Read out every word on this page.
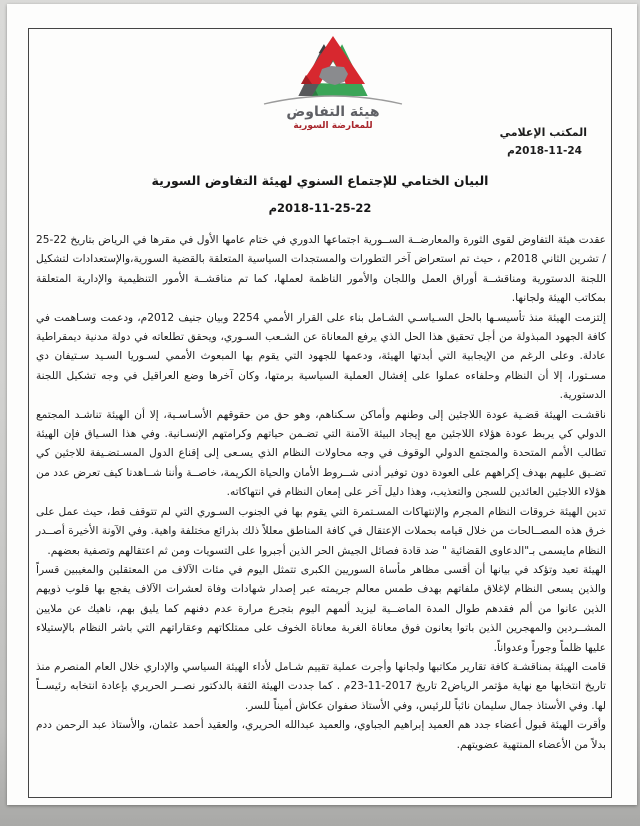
هيئة التفاوض
للمعارضة السورية	المكتب الإعلامي
2018-11-24م
البيان الختامي للإجتماع السنوي لهيئة التفاوض السورية
2018-11-25-22م

عقدت هيئة التفاوض لقوى الثورة والمعارضــة الســورية اجتماعها الدوري في ختام عامها الأول في مقرها في الرياض بتاريخ 22-25 / تشرين الثاني 2018م ، حيث تم استعراض آخر التطورات والمستجدات السياسية المتعلقة بالقضية السورية،والإستعدادات لتشكيل اللجنة الدستورية ومناقشــة أوراق العمل واللجان والأمور الناظمة لعملها، كما تم مناقشــة الأمور التنظيمية والإدارية المتعلقة بمكاتب الهيئة ولجانها.

إلتزمت الهيئة منذ تأسيسـها بالحل السـياسـي الشـامل بناء على القرار الأممي 2254 وبيان جنيف 2012م، ودعمت وسـاهمت في كافة الجهود المبذولة من أجل تحقيق هذا الحل الذي يرفع المعاناة عن الشـعب السـوري، ويحقق تطلعاته في دولة مدنية ديمقراطية عادلة. وعلى الرغم من الإيجابية التي أبدتها الهيئة، ودعمها للجهود التي يقوم بها المبعوث الأممي لسـوريا السـيد سـتيفان دي مسـتورا، إلا أن النظام وحلفاءه عملوا على إفشال العملية السياسية برمتها، وكان آخرها وضع العراقيل في وجه تشكيل اللجنة الدستورية.

ناقشـت الهيئة قضـية عودة اللاجئين إلى وطنهم وأماكن سـكناهم، وهو حق من حقوقهم الأسـاسـية، إلا أن الهيئة تناشـد المجتمع الدولي كي يربط عودة هؤلاء اللاجئين مع إيجاد البيئة الآمنة التي تضـمن حياتهم وكرامتهم الإنسـانية. وفي هذا السـياق فإن الهيئة تطالب الأمم المتحدة والمجتمع الدولي الوقوف في وجه محاولات النظام الذي يسـعى إلى إقناع الدول المسـتضـيفة للاجئين كي تضـيق عليهم بهدف إكراههم على العودة دون توفير أدنى شــروط الأمان والحياة الكريمة، خاصــة وأننا شــاهدنا كيف تعرض عدد من هؤلاء اللاجئين العائدين للسجن والتعذيب، وهذا دليل آخر على إمعان النظام في انتهاكاته.

تدين الهيئة خروقات النظام المجرم والإنتهاكات المسـتمرة التي يقوم بها في الجنوب السـوري التي لم تتوقف قط، حيث عمل على خرق هذه المصــالحات من خلال قيامه بحملات الإعتقال في كافة المناطق معللاً ذلك بذرائع مختلفة واهية. وفي الآونة الأخيرة أصــدر النظام مايسمى بـ"الدعاوى القضائية " ضد قادة فصائل الجيش الحر الذين أجبروا على التسويات ومن ثم اعتقالهم وتصفية بعضهم.

الهيئة تعيد وتؤكد في بيانها أن أقسى مظاهر مأساة السوريين الكبرى تتمثل اليوم في مئات الآلاف من المعتقلين والمغيبين قسراً والذين يسعى النظام لإغلاق ملفاتهم بهدف طمس معالم جريمته عبر إصدار شهادات وفاة لعشرات الآلاف يفجع بها قلوب ذويهم الذين عانوا من ألم فقدهم طوال المدة الماضــية ليزيد ألمهم اليوم بتجرع مرارة عدم دفنهم كما يليق بهم، ناهيك عن ملايين المشــردين والمهجرين الذين باتوا يعانون فوق معاناة الغربة معاناة الخوف على ممتلكاتهم وعقاراتهم التي باشر النظام بالإستيلاء عليها ظلماً وجوراً وعدواناً.

قامت الهيئة بمناقشـة كافة تقارير مكاتبها ولجانها وأجرت عملية تقييم شـامل لأداء الهيئة السياسي والإداري خلال العام المنصرم منذ تاريخ انتخابها مع نهاية مؤتمر الرياض2 تاريخ 2017-11-23م . كما جددت الهيئة الثقة بالدكتور نصــر الحريري بإعادة انتخابه رئيســاً لها. وفي الأستاذ جمال سليمان نائباً للرئيس، وفي الأستاذ صفوان عكاش أميناً للسر.

وأقرت الهيئة قبول أعضاء جدد هم العميد إبراهيم الجباوي، والعميد عبدالله الحريري، والعقيد أحمد عثمان، والأستاذ عبد الرحمن ددم بدلاً من الأعضاء المنتهية عضويتهم.
